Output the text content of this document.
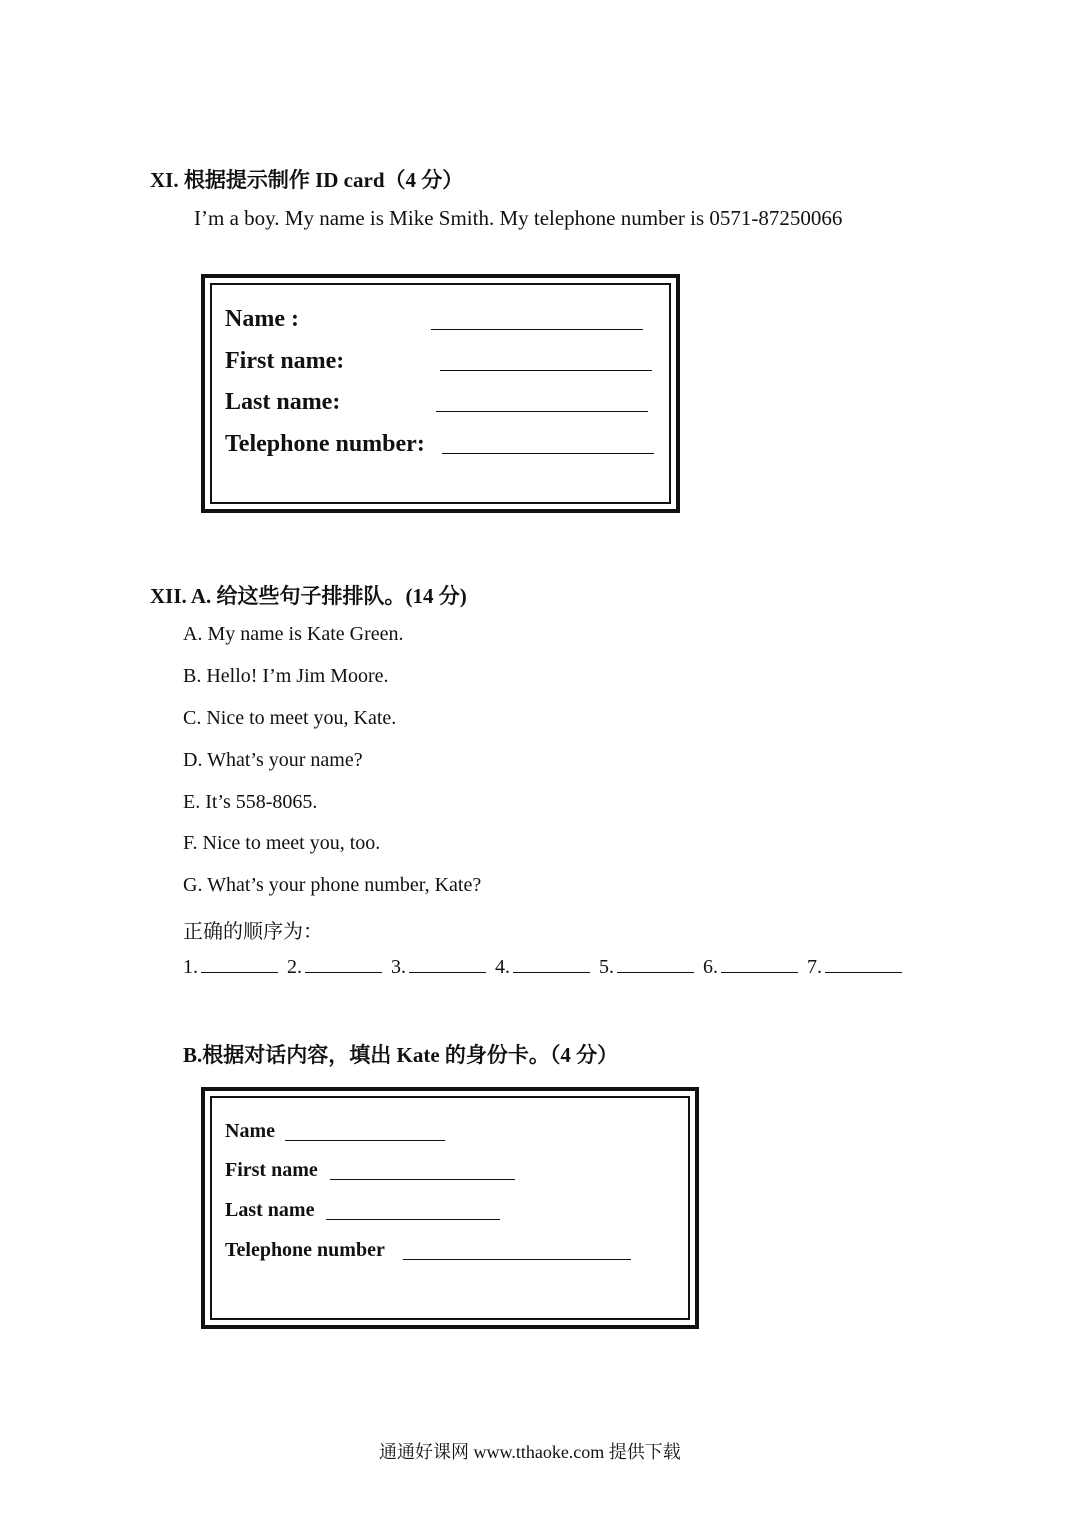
XI. 根据提示制作 ID card（4 分）
I’m a boy. My name is Mike Smith. My telephone number is 0571-87250066
Name :
First name:
Last name:
Telephone number:
XII. A. 给这些句子排排队。(14 分)
A. My name is Kate Green.
B. Hello! I’m Jim Moore.
C. Nice to meet you, Kate.
D. What’s your name?
E. It’s 558-8065.
F. Nice to meet you, too.
G. What’s your phone number, Kate?
正确的顺序为：
1.	2.	3.	4.	5.	6.	7.
B.根据对话内容，填出 Kate 的身份卡。（4 分）
Name
First name
Last name
Telephone number
通通好课网 www.tthaoke.com 提供下载
